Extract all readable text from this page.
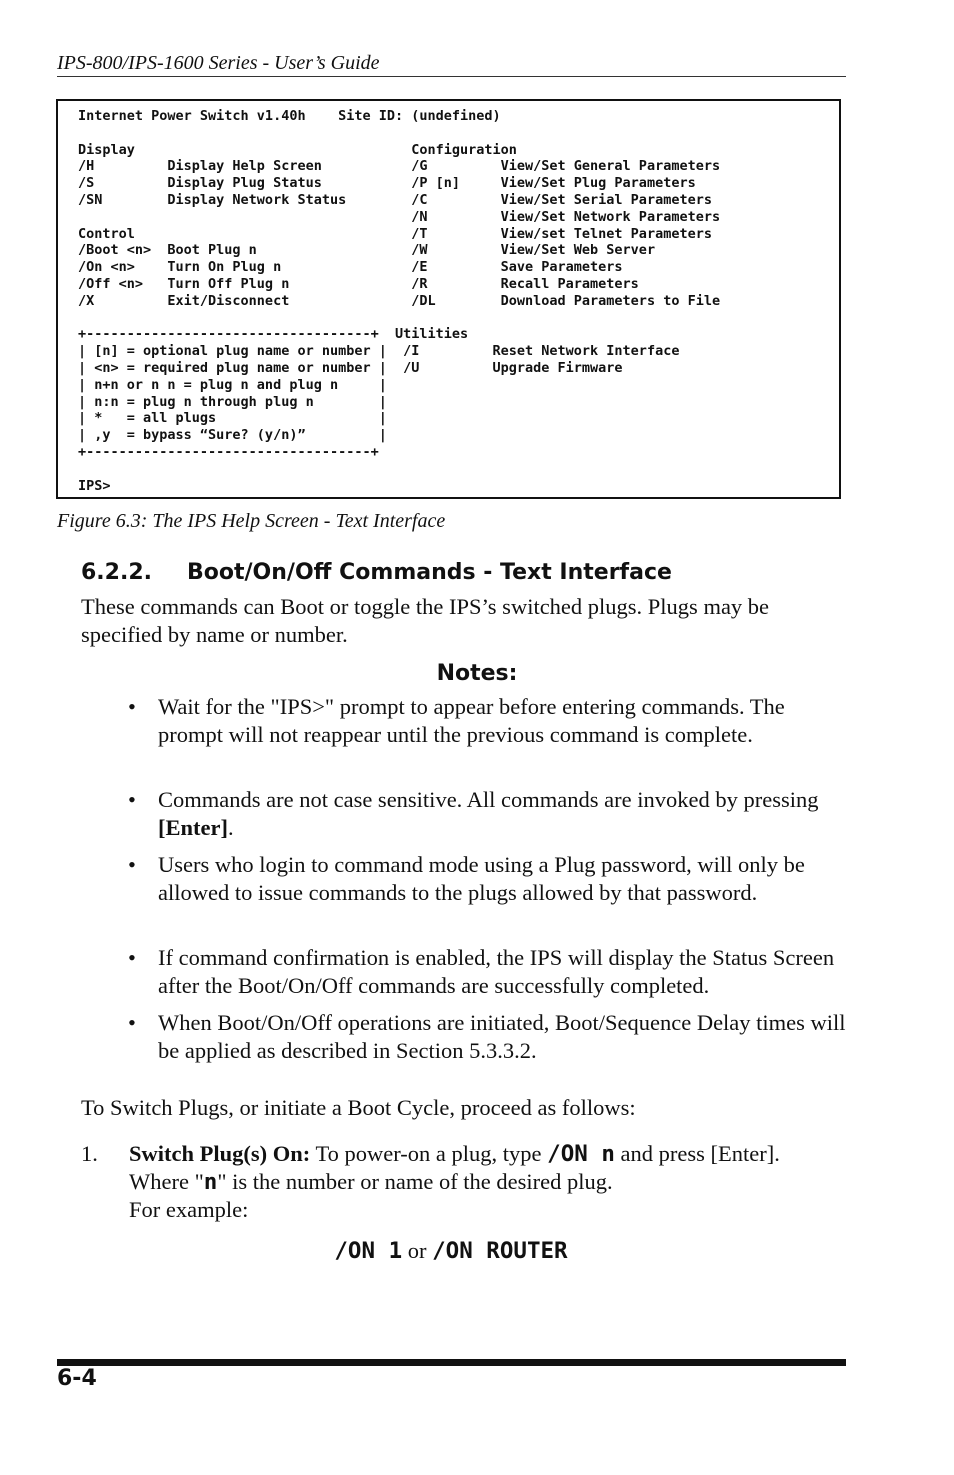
IPS-800/IPS-1600 Series - User’s Guide
Internet Power Switch v1.40h    Site ID: (undefined)

Display                                  Configuration
/H         Display Help Screen           /G         View/Set General Parameters
/S         Display Plug Status           /P [n]     View/Set Plug Parameters
/SN        Display Network Status        /C         View/Set Serial Parameters
/N         View/Set Network Parameters
Control                                  /T         View/set Telnet Parameters
/Boot <n>  Boot Plug n                   /W         View/Set Web Server
/On <n>    Turn On Plug n                /E         Save Parameters
/Off <n>   Turn Off Plug n               /R         Recall Parameters
/X         Exit/Disconnect               /DL        Download Parameters to File

+-----------------------------------+  Utilities
| [n] = optional plug name or number |  /I         Reset Network Interface
| <n> = required plug name or number |  /U         Upgrade Firmware
| n+n or n n = plug n and plug n     |
| n:n = plug n through plug n        |
| *   = all plugs                    |
| ,y  = bypass “Sure? (y/n)”         |
+-----------------------------------+

IPS>
Figure 6.3: The IPS Help Screen - Text Interface
6.2.2. Boot/On/Off Commands - Text Interface
These commands can Boot or toggle the IPS’s switched plugs. Plugs may be specified by name or number.
Notes:
• Wait for the "IPS>" prompt to appear before entering commands. The prompt will not reappear until the previous command is complete.
• Commands are not case sensitive. All commands are invoked by pressing [Enter].
• Users who login to command mode using a Plug password, will only be allowed to issue commands to the plugs allowed by that password.
• If command confirmation is enabled, the IPS will display the Status Screen after the Boot/On/Off commands are successfully completed.
• When Boot/On/Off operations are initiated, Boot/Sequence Delay times will be applied as described in Section 5.3.3.2.
To Switch Plugs, or initiate a Boot Cycle, proceed as follows:
1. Switch Plug(s) On: To power-on a plug, type /ON n and press [Enter].
Where "n" is the number or name of the desired plug.
For example:
/ON 1 or /ON ROUTER
6-4
